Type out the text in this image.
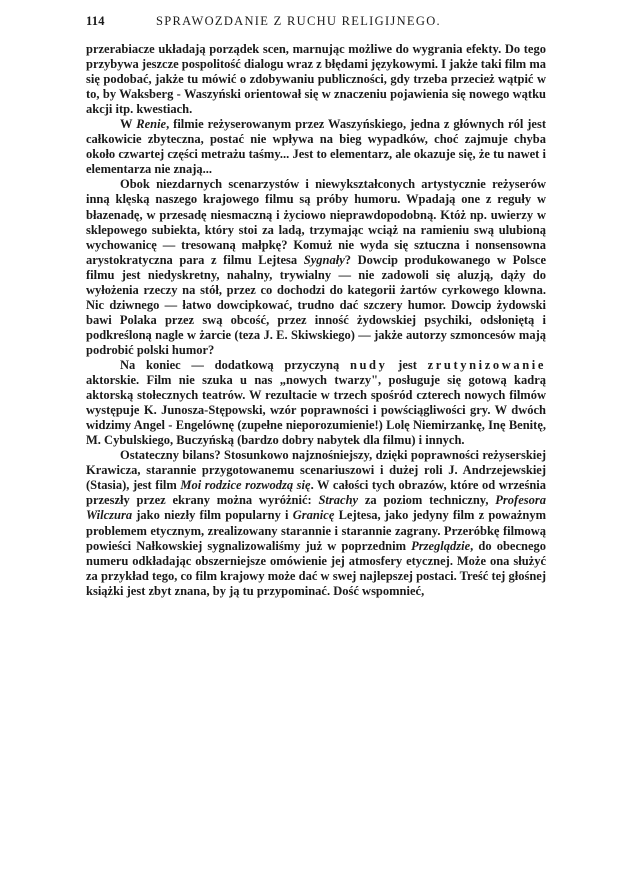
114	SPRAWOZDANIE Z RUCHU RELIGIJNEGO.

przerabiacze układają porządek scen, marnując możliwe do wygrania efekty. Do tego przybywa jeszcze pospolitość dialogu wraz z błędami językowymi. I jakże taki film ma się podobać, jakże tu mówić o zdobywaniu publiczności, gdy trzeba przecież wątpić w to, by Waksberg - Waszyński orientował się w znaczeniu pojawienia się nowego wątku akcji itp. kwestiach.

W Renie, filmie reżyserowanym przez Waszyńskiego, jedna z głównych ról jest całkowicie zbyteczna, postać nie wpływa na bieg wypadków, choć zajmuje chyba około czwartej części metrażu taśmy... Jest to elementarz, ale okazuje się, że tu nawet i elementarza nie znają...

Obok niezdarnych scenarzystów i niewykształconych artystycznie reżyserów inną klęską naszego krajowego filmu są próby humoru. Wpadają one z reguły w błazenadę, w przesadę niesmaczną i życiowo nieprawdopodobną. Któż np. uwierzy w sklepowego subiekta, który stoi za ladą, trzymając wciąż na ramieniu swą ulubioną wychowanicę — tresowaną małpkę? Komuż nie wyda się sztuczna i nonsensowna arystokratyczna para z filmu Lejtesa Sygnały? Dowcip produkowanego w Polsce filmu jest niedyskretny, nahalny, trywialny — nie zadowoli się aluzją, dąży do wyłożenia rzeczy na stół, przez co dochodzi do kategorii żartów cyrkowego klowna. Nic dziwnego — łatwo dowcipkować, trudno dać szczery humor. Dowcip żydowski bawi Polaka przez swą obcość, przez inność żydowskiej psychiki, odsłoniętą i podkreśloną nagle w żarcie (teza J. E. Skiwskiego) — jakże autorzy szmoncesów mają podrobić polski humor?

Na koniec — dodatkową przyczyną nudy jest zrutynizowanie aktorskie. Film nie szuka u nas „nowych twarzy", posługuje się gotową kadrą aktorską stołecznych teatrów. W rezultacie w trzech spośród czterech nowych filmów występuje K. Junosza-Stępowski, wzór poprawności i powściągliwości gry. W dwóch widzimy Angel - Engelównę (zupełne nieporozumienie!) Lolę Niemirzankę, Inę Benitę, M. Cybulskiego, Buczyńską (bardzo dobry nabytek dla filmu) i innych.

Ostateczny bilans? Stosunkowo najznośniejszy, dzięki poprawności reżyserskiej Krawicza, starannie przygotowanemu scenariuszowi i dużej roli J. Andrzejewskiej (Stasia), jest film Moi rodzice rozwodzą się. W całości tych obrazów, które od września przeszły przez ekrany można wyróżnić: Strachy za poziom techniczny, Profesora Wilczura jako niezły film popularny i Granicę Lejtesa, jako jedyny film z poważnym problemem etycznym, zrealizowany starannie i starannie zagrany. Przeróbkę filmową powieści Nałkowskiej sygnalizowaliśmy już w poprzednim Przeglądzie, do obecnego numeru odkładając obszerniejsze omówienie jej atmosfery etycznej. Może ona służyć za przykład tego, co film krajowy może dać w swej najlepszej postaci. Treść tej głośnej książki jest zbyt znana, by ją tu przypominać. Dość wspomnieć,
